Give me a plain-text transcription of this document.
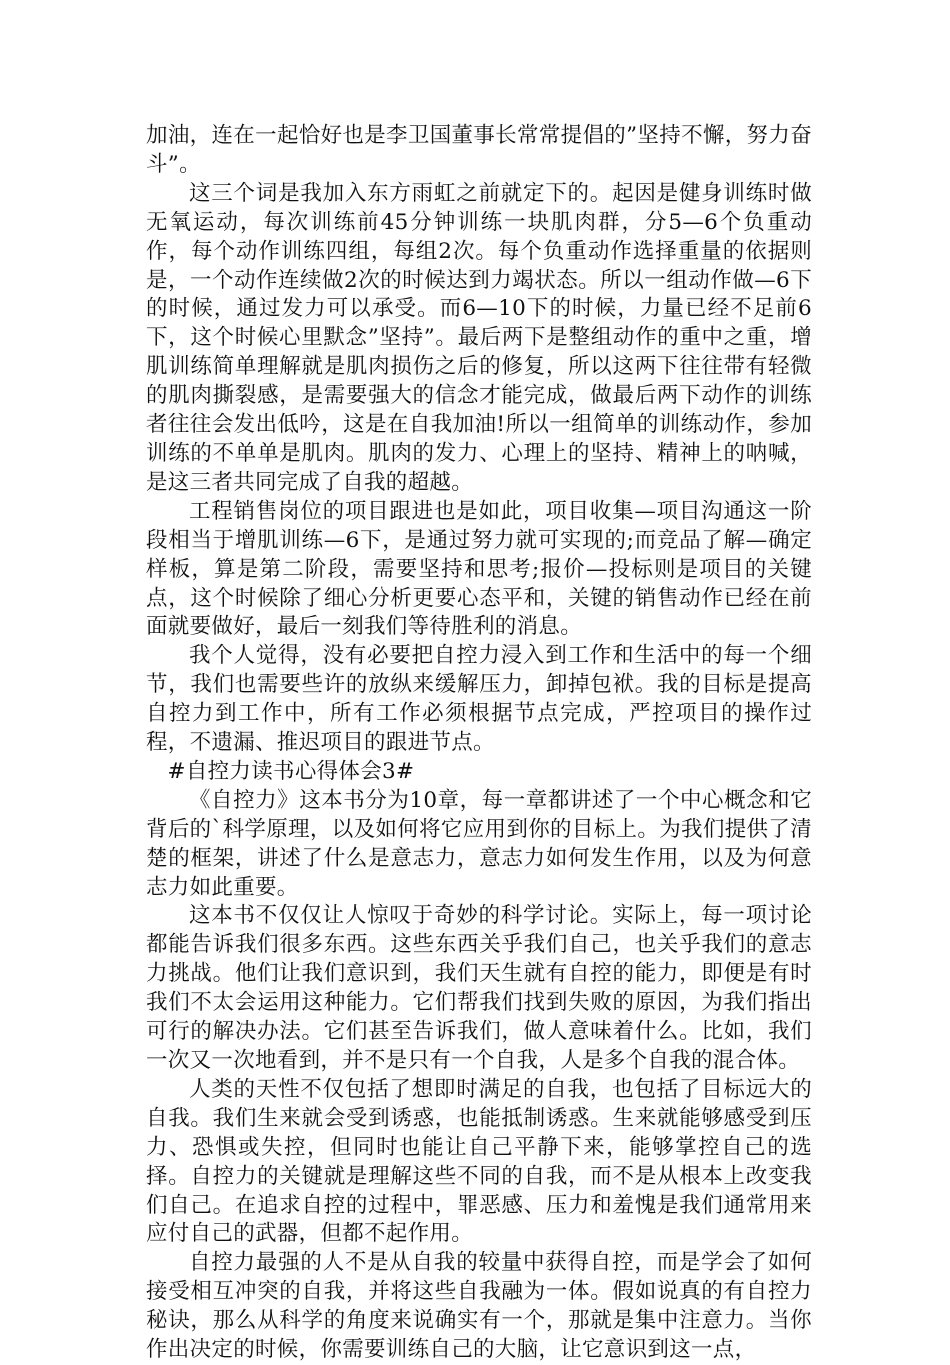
加油，连在一起恰好也是李卫国董事长常常提倡的”坚持不懈，努力奋斗”。

这三个词是我加入东方雨虹之前就定下的。起因是健身训练时做无氧运动，每次训练前45分钟训练一块肌肉群，分5—6个负重动作，每个动作训练四组，每组2次。每个负重动作选择重量的依据则是，一个动作连续做2次的时候达到力竭状态。所以一组动作做—6下的时候，通过发力可以承受。而6—10下的时候，力量已经不足前6下，这个时候心里默念”坚持”。最后两下是整组动作的重中之重，增肌训练简单理解就是肌肉损伤之后的修复，所以这两下往往带有轻微的肌肉撕裂感，是需要强大的信念才能完成，做最后两下动作的训练者往往会发出低吟，这是在自我加油!所以一组简单的训练动作，参加训练的不单单是肌肉。肌肉的发力、心理上的坚持、精神上的呐喊，是这三者共同完成了自我的超越。

工程销售岗位的项目跟进也是如此，项目收集—项目沟通这一阶段相当于增肌训练—6下，是通过努力就可实现的;而竞品了解—确定样板，算是第二阶段，需要坚持和思考;报价—投标则是项目的关键点，这个时候除了细心分析更要心态平和，关键的销售动作已经在前面就要做好，最后一刻我们等待胜利的消息。

我个人觉得，没有必要把自控力浸入到工作和生活中的每一个细节，我们也需要些许的放纵来缓解压力，卸掉包袱。我的目标是提高自控力到工作中，所有工作必须根据节点完成，严控项目的操作过程，不遗漏、推迟项目的跟进节点。

#自控力读书心得体会3#

《自控力》这本书分为10章，每一章都讲述了一个中心概念和它背后的`科学原理，以及如何将它应用到你的目标上。为我们提供了清楚的框架，讲述了什么是意志力，意志力如何发生作用，以及为何意志力如此重要。

这本书不仅仅让人惊叹于奇妙的科学讨论。实际上，每一项讨论都能告诉我们很多东西。这些东西关乎我们自己，也关乎我们的意志力挑战。他们让我们意识到，我们天生就有自控的能力，即便是有时我们不太会运用这种能力。它们帮我们找到失败的原因，为我们指出可行的解决办法。它们甚至告诉我们，做人意味着什么。比如，我们一次又一次地看到，并不是只有一个自我，人是多个自我的混合体。

人类的天性不仅包括了想即时满足的自我，也包括了目标远大的自我。我们生来就会受到诱惑，也能抵制诱惑。生来就能够感受到压力、恐惧或失控，但同时也能让自己平静下来，能够掌控自己的选择。自控力的关键就是理解这些不同的自我，而不是从根本上改变我们自己。在追求自控的过程中，罪恶感、压力和羞愧是我们通常用来应付自己的武器，但都不起作用。

自控力最强的人不是从自我的较量中获得自控，而是学会了如何接受相互冲突的自我，并将这些自我融为一体。假如说真的有自控力秘诀，那么从科学的角度来说确实有一个，那就是集中注意力。当你作出决定的时候，你需要训练自己的大脑，让它意识到这一点，
